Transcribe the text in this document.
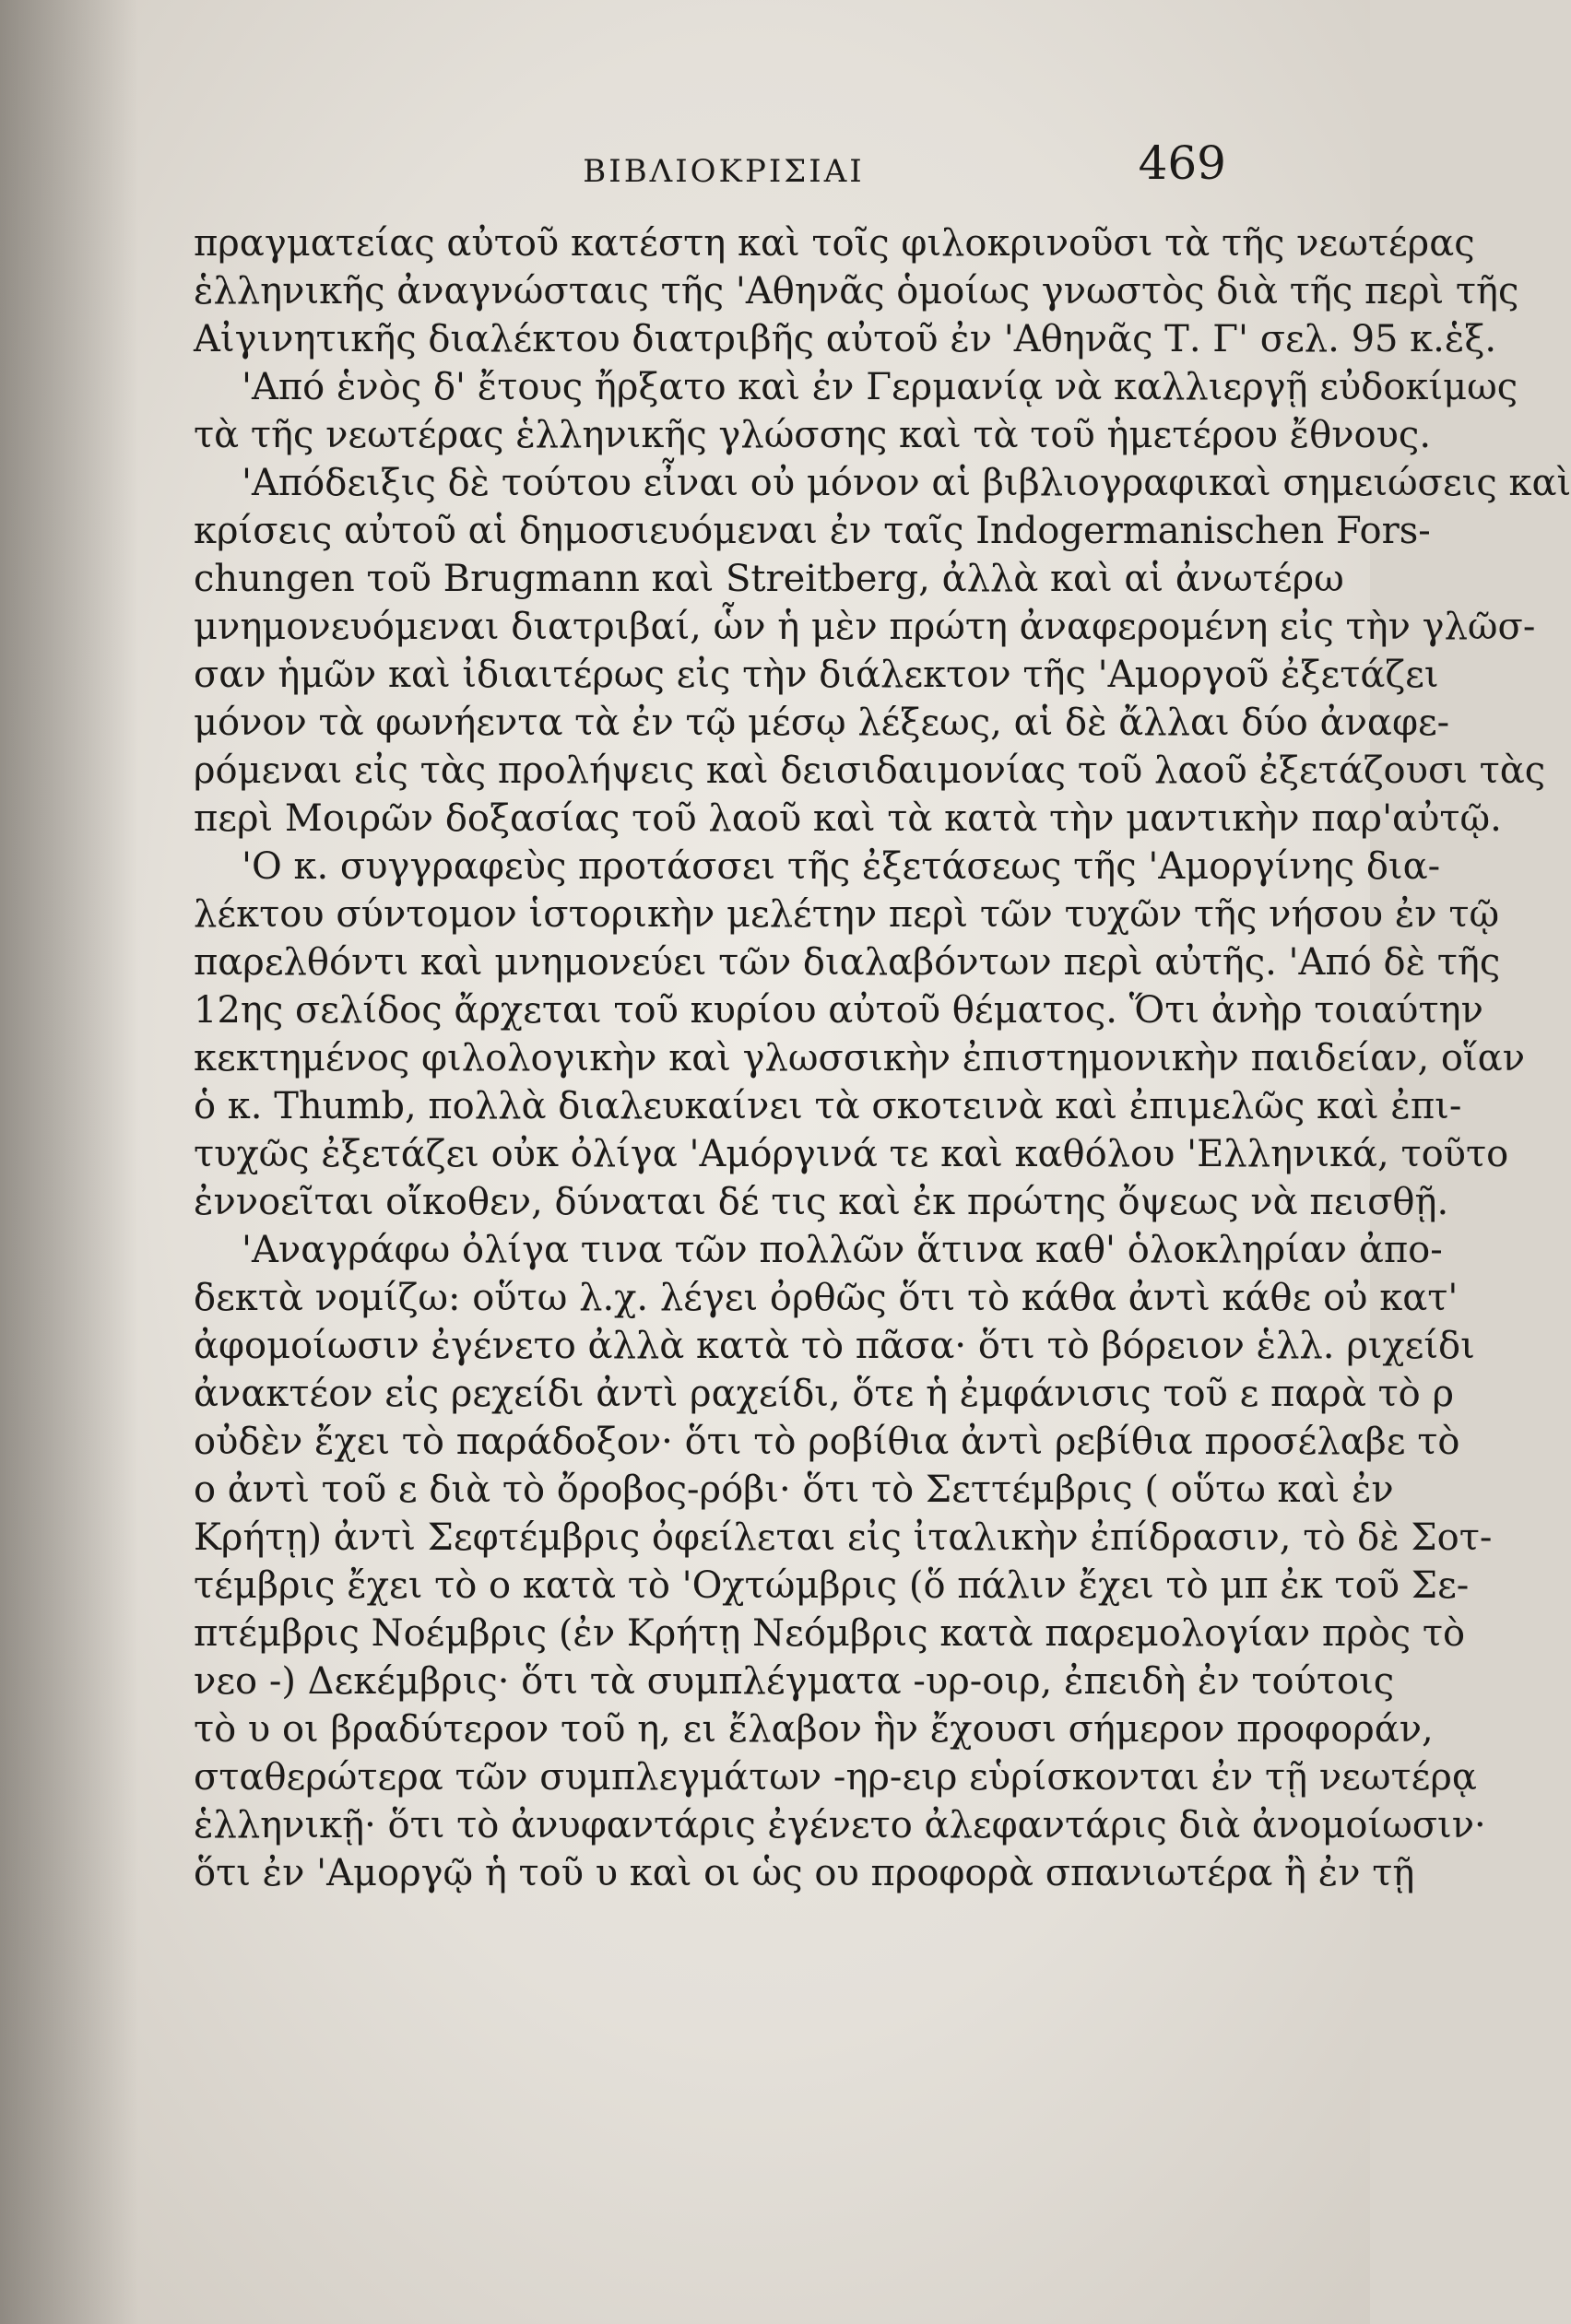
ΒΙΒΛΙΟΚΡΙΣΙΑΙ	469
πραγματείας αὐτοῦ κατέστη καὶ τοῖς φιλοκρινοῦσι τὰ τῆς νεωτέρας
ἑλληνικῆς ἀναγνώσταις τῆς 'Αθηνᾶς ὁμοίως γνωστὸς διὰ τῆς περὶ τῆς
Αἰγινητικῆς διαλέκτου διατριβῆς αὐτοῦ ἐν 'Αθηνᾶς Τ. Γ' σελ. 95 κ.ἑξ.
'Από ἑνὸς δ' ἔτους ἤρξατο καὶ ἐν Γερμανίᾳ νὰ καλλιεργῇ εὐδοκίμως
τὰ τῆς νεωτέρας ἑλληνικῆς γλώσσης καὶ τὰ τοῦ ἡμετέρου ἔθνους.
'Απόδειξις δὲ τούτου εἶναι οὐ μόνον αἱ βιβλιογραφικαὶ σημειώσεις καὶ
κρίσεις αὐτοῦ αἱ δημοσιευόμεναι ἐν ταῖς Indogermanischen Fors-
chungen τοῦ Brugmann καὶ Streitberg, ἀλλὰ καὶ αἱ ἀνωτέρω
μνημονευόμεναι διατριβαί, ὧν ἡ μὲν πρώτη ἀναφερομένη εἰς τὴν γλῶσ-
σαν ἡμῶν καὶ ἰδιαιτέρως εἰς τὴν διάλεκτον τῆς 'Αμοργοῦ ἐξετάζει
μόνον τὰ φωνήεντα τὰ ἐν τῷ μέσῳ λέξεως, αἱ δὲ ἄλλαι δύο ἀναφε-
ρόμεναι εἰς τὰς προλήψεις καὶ δεισιδαιμονίας τοῦ λαοῦ ἐξετάζουσι τὰς
περὶ Μοιρῶν δοξασίας τοῦ λαοῦ καὶ τὰ κατὰ τὴν μαντικὴν παρ'αὐτῷ.
'Ο κ. συγγραφεὺς προτάσσει τῆς ἐξετάσεως τῆς 'Αμοργίνης δια-
λέκτου σύντομον ἱστορικὴν μελέτην περὶ τῶν τυχῶν τῆς νήσου ἐν τῷ
παρελθόντι καὶ μνημονεύει τῶν διαλαβόντων περὶ αὐτῆς. 'Από δὲ τῆς
12ης σελίδος ἄρχεται τοῦ κυρίου αὐτοῦ θέματος. Ὅτι ἀνὴρ τοιαύτην
κεκτημένος φιλολογικὴν καὶ γλωσσικὴν ἐπιστημονικὴν παιδείαν, οἵαν
ὁ κ. Thumb, πολλὰ διαλευκαίνει τὰ σκοτεινὰ καὶ ἐπιμελῶς καὶ ἐπι-
τυχῶς ἐξετάζει οὐκ ὀλίγα 'Αμόργινά τε καὶ καθόλου 'Ελληνικά, τοῦτο
ἐννοεῖται οἴκοθεν, δύναται δέ τις καὶ ἐκ πρώτης ὄψεως νὰ πεισθῇ.
'Αναγράφω ὀλίγα τινα τῶν πολλῶν ἅτινα καθ' ὁλοκληρίαν ἀπο-
δεκτὰ νομίζω: οὕτω λ.χ. λέγει ὀρθῶς ὅτι τὸ κάθα ἀντὶ κάθε οὐ κατ'
ἀφομοίωσιν ἐγένετο ἀλλὰ κατὰ τὸ πᾶσα· ὅτι τὸ βόρειον ἑλλ. ριχείδι
ἀνακτέον εἰς ρεχείδι ἀντὶ ραχείδι, ὅτε ἡ ἐμφάνισις τοῦ ε παρὰ τὸ ρ
οὐδὲν ἔχει τὸ παράδοξον· ὅτι τὸ ροβίθια ἀντὶ ρεβίθια προσέλαβε τὸ
ο ἀντὶ τοῦ ε διὰ τὸ ὄροβος-ρόβι· ὅτι τὸ Σεττέμβρις ( οὕτω καὶ ἐν
Κρήτῃ) ἀντὶ Σεφτέμβρις ὀφείλεται εἰς ἰταλικὴν ἐπίδρασιν, τὸ δὲ Σοτ-
τέμβρις ἔχει τὸ ο κατὰ τὸ 'Οχτώμβρις (ὅ πάλιν ἔχει τὸ μπ ἐκ τοῦ Σε-
πτέμβρις Νοέμβρις (ἐν Κρήτῃ Νεόμβρις κατὰ παρεμολογίαν πρὸς τὸ
νεο -) Δεκέμβρις· ὅτι τὰ συμπλέγματα -υρ-οιρ, ἐπειδὴ ἐν τούτοις
τὸ υ οι βραδύτερον τοῦ η, ει ἔλαβον ἣν ἔχουσι σήμερον προφοράν,
σταθερώτερα τῶν συμπλεγμάτων -ηρ-ειρ εὑρίσκονται ἐν τῇ νεωτέρᾳ
ἑλληνικῇ· ὅτι τὸ ἀνυφαντάρις ἐγένετο ἀλεφαντάρις διὰ ἀνομοίωσιν·
ὅτι ἐν 'Αμοργῷ ἡ τοῦ υ καὶ οι ὡς ου προφορὰ σπανιωτέρα ἢ ἐν τῇ
